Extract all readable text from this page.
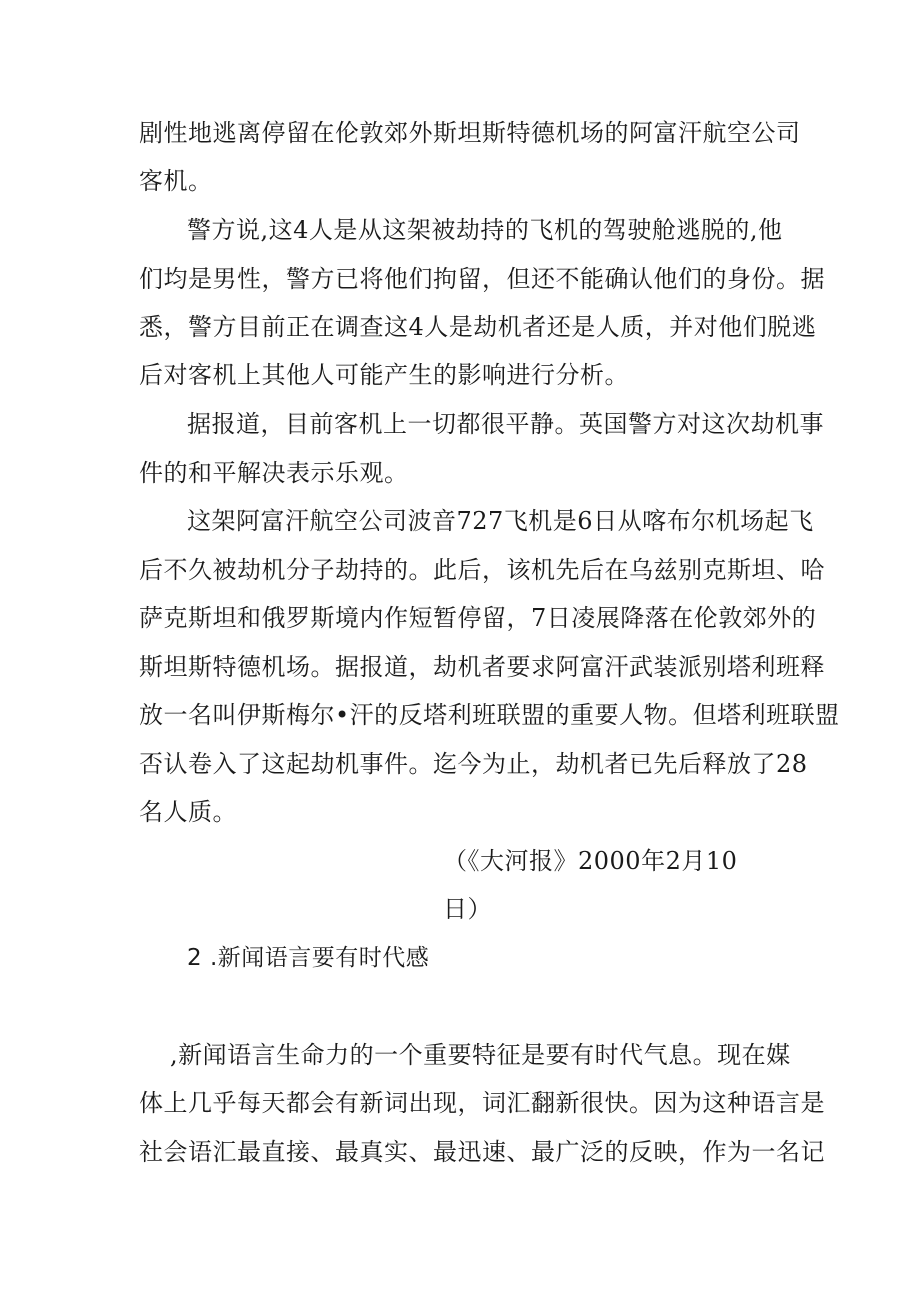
剧性地逃离停留在伦敦郊外斯坦斯特德机场的阿富汗航空公司
客机。
警方说,这4人是从这架被劫持的飞机的驾驶舱逃脱的,他
们均是男性，警方已将他们拘留，但还不能确认他们的身份。据
悉，警方目前正在调查这4人是劫机者还是人质，并对他们脱逃
后对客机上其他人可能产生的影响进行分析。
据报道，目前客机上一切都很平静。英国警方对这次劫机事
件的和平解决表示乐观。
这架阿富汗航空公司波音727飞机是6日从喀布尔机场起飞
后不久被劫机分子劫持的。此后，该机先后在乌兹别克斯坦、哈
萨克斯坦和俄罗斯境内作短暂停留，7日凌展降落在伦敦郊外的
斯坦斯特德机场。据报道，劫机者要求阿富汗武装派别塔利班释
放一名叫伊斯梅尔•汗的反塔利班联盟的重要人物。但塔利班联盟
否认卷入了这起劫机事件。迄今为止，劫机者已先后释放了28
名人质。
（《大河报》2000年2月10
日）
2 .新闻语言要有时代感
,新闻语言生命力的一个重要特征是要有时代气息。现在媒
体上几乎每天都会有新词出现，词汇翻新很快。因为这种语言是
社会语汇最直接、最真实、最迅速、最广泛的反映，作为一名记
